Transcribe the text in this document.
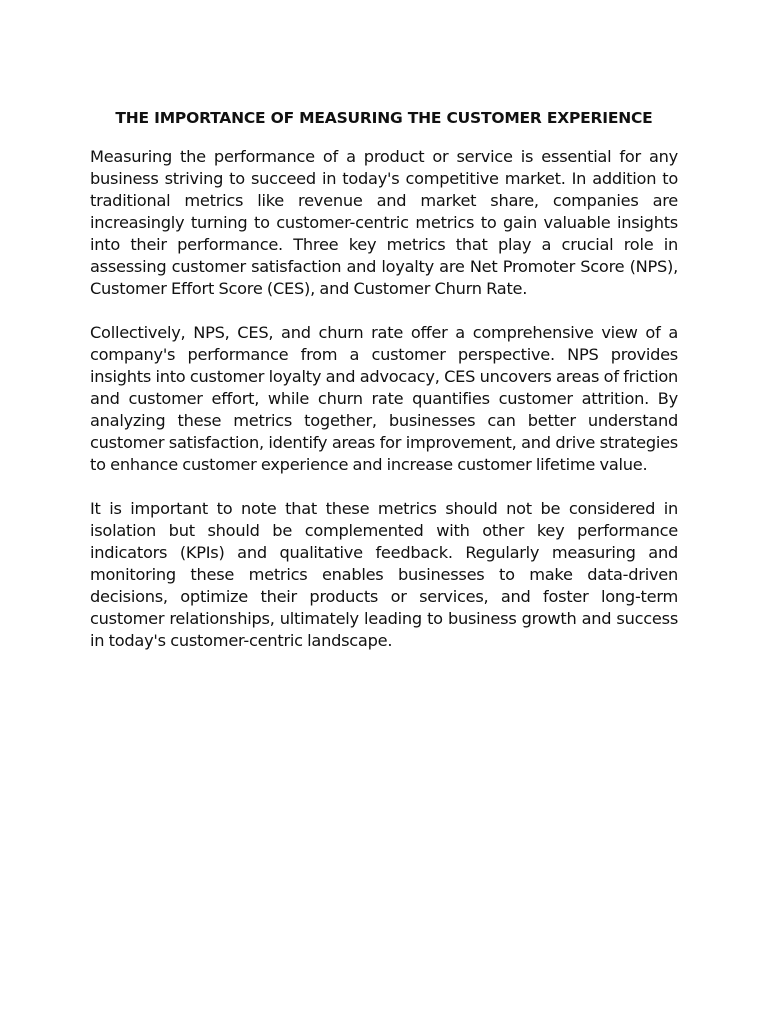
THE IMPORTANCE OF MEASURING THE CUSTOMER EXPERIENCE

Measuring the performance of a product or service is essential for any business striving to succeed in today's competitive market. In addition to traditional metrics like revenue and market share, companies are increasingly turning to customer-centric metrics to gain valuable insights into their performance. Three key metrics that play a crucial role in assessing customer satisfaction and loyalty are Net Promoter Score (NPS), Customer Effort Score (CES), and Customer Churn Rate.

Collectively, NPS, CES, and churn rate offer a comprehensive view of a company's performance from a customer perspective. NPS provides insights into customer loyalty and advocacy, CES uncovers areas of friction and customer effort, while churn rate quantifies customer attrition. By analyzing these metrics together, businesses can better understand customer satisfaction, identify areas for improvement, and drive strategies to enhance customer experience and increase customer lifetime value.

It is important to note that these metrics should not be considered in isolation but should be complemented with other key performance indicators (KPIs) and qualitative feedback. Regularly measuring and monitoring these metrics enables businesses to make data-driven decisions, optimize their products or services, and foster long-term customer relationships, ultimately leading to business growth and success in today's customer-centric landscape.
